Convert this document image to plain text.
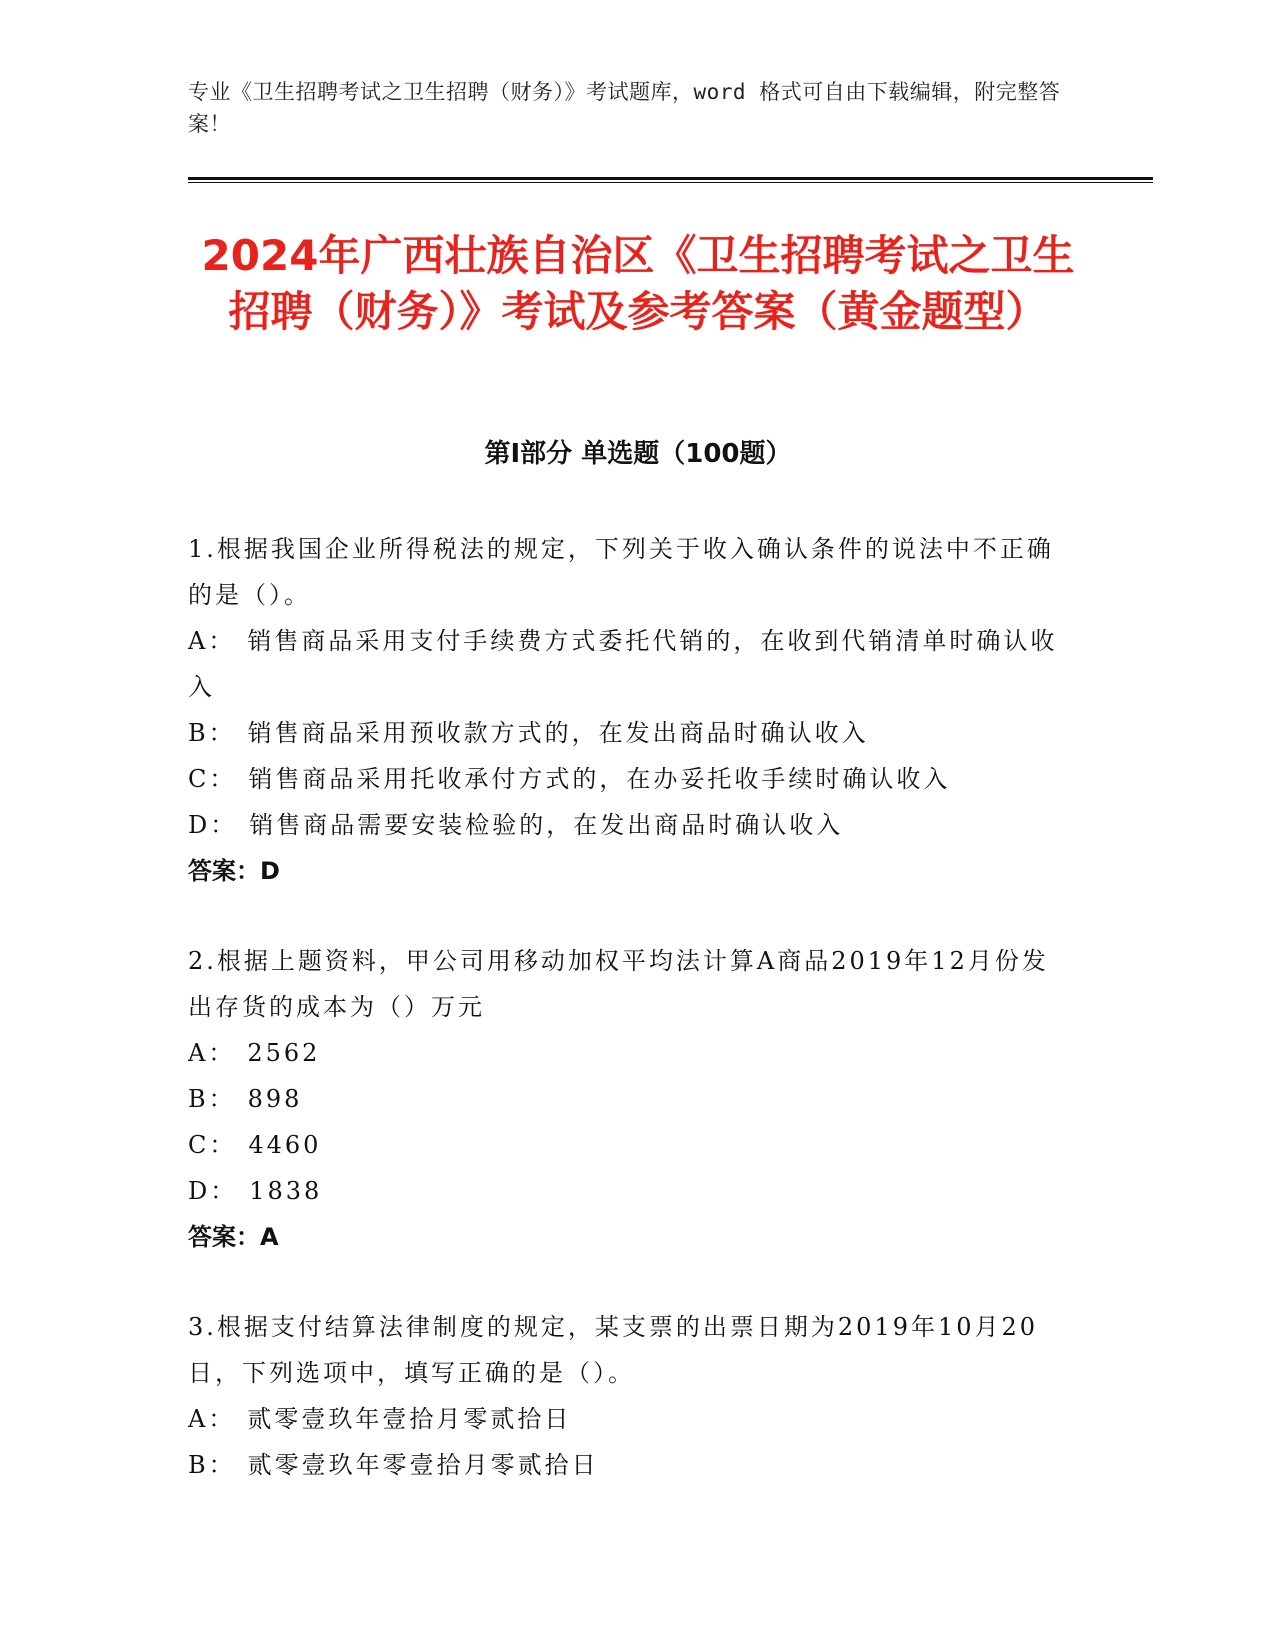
专业《卫生招聘考试之卫生招聘（财务）》考试题库，word 格式可自由下载编辑，附完整答案！
2024年广西壮族自治区《卫生招聘考试之卫生招聘（财务）》考试及参考答案（黄金题型）
第Ⅰ部分 单选题（100题）
1.根据我国企业所得税法的规定，下列关于收入确认条件的说法中不正确的是（）。
A： 销售商品采用支付手续费方式委托代销的，在收到代销清单时确认收入
B： 销售商品采用预收款方式的，在发出商品时确认收入
C： 销售商品采用托收承付方式的，在办妥托收手续时确认收入
D： 销售商品需要安装检验的，在发出商品时确认收入
答案：D
2.根据上题资料，甲公司用移动加权平均法计算A商品2019年12月份发出存货的成本为（）万元
A： 2562
B： 898
C： 4460
D： 1838
答案：A
3.根据支付结算法律制度的规定，某支票的出票日期为2019年10月20日，下列选项中，填写正确的是（）。
A： 贰零壹玖年壹拾月零贰拾日
B： 贰零壹玖年零壹拾月零贰拾日
